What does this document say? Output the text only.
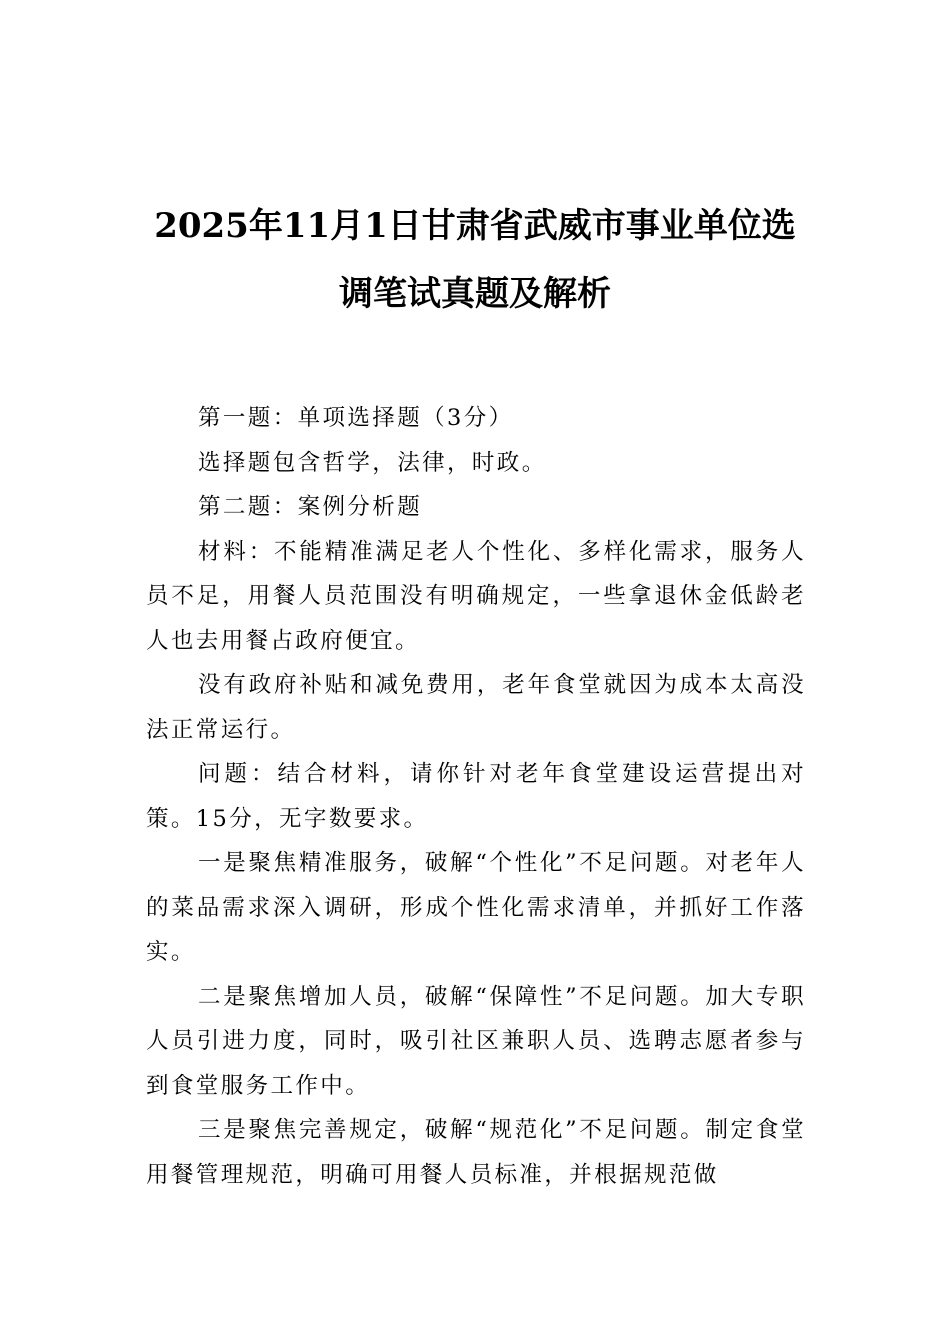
2025年11月1日甘肃省武威市事业单位选
调笔试真题及解析

第一题：单项选择题（3分）

选择题包含哲学，法律，时政。

第二题：案例分析题

材料：不能精准满足老人个性化、多样化需求，服务人员不足，用餐人员范围没有明确规定，一些拿退休金低龄老人也去用餐占政府便宜。

没有政府补贴和减免费用，老年食堂就因为成本太高没法正常运行。

问题：结合材料，请你针对老年食堂建设运营提出对策。15分，无字数要求。

一是聚焦精准服务，破解“个性化”不足问题。对老年人的菜品需求深入调研，形成个性化需求清单，并抓好工作落实。

二是聚焦增加人员，破解“保障性”不足问题。加大专职人员引进力度，同时，吸引社区兼职人员、选聘志愿者参与到食堂服务工作中。

三是聚焦完善规定，破解“规范化”不足问题。制定食堂用餐管理规范，明确可用餐人员标准，并根据规范做
